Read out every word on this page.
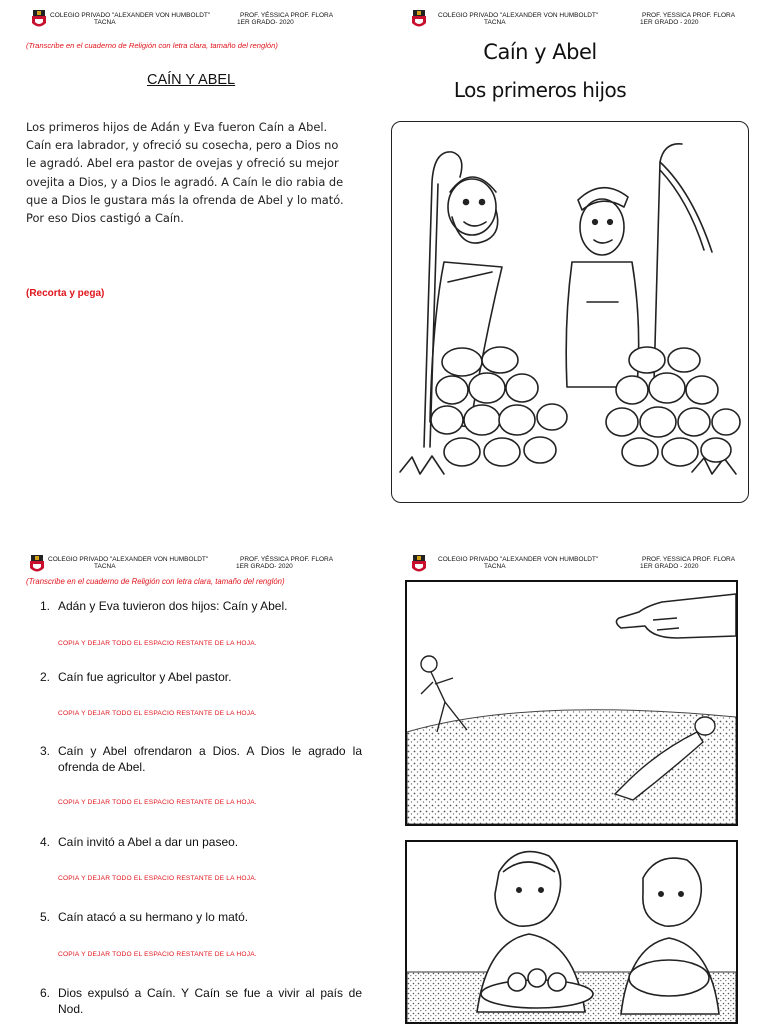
COLEGIO PRIVADO "ALEXANDER VON HUMBOLDT"
TACNA
PROF. YÉSSICA PROF. FLORA
1ER GRADO- 2020
COLEGIO PRIVADO "ALEXANDER VON HUMBOLDT"
TACNA
PROF. YESSICA PROF. FLORA
1ER GRADO - 2020
COLEGIO PRIVADO "ALEXANDER VON HUMBOLDT"
TACNA
PROF. YÉSSICA PROF. FLORA
1ER GRADO- 2020
COLEGIO PRIVADO "ALEXANDER VON HUMBOLDT"
TACNA
PROF. YESSICA PROF. FLORA
1ER GRADO - 2020
(Transcribe en el cuaderno de Religión con letra clara, tamaño del renglón)
CAÍN Y ABEL
Los primeros hijos de Adán y Eva fueron Caín a Abel.
Caín era labrador, y ofreció su cosecha, pero a Dios no
le agradó. Abel era pastor de ovejas y ofreció su mejor
ovejita a Dios, y a Dios le agradó. A Caín le dio rabia de
que a Dios le gustara más la ofrenda de Abel y lo mató.
Por eso Dios castigó a Caín.
(Recorta y pega)
Caín y Abel
Los primeros hijos
(Transcribe en el cuaderno de Religión con letra clara, tamaño del renglón)
1. Adán y Eva tuvieron dos hijos: Caín y Abel.
2. Caín fue agricultor y Abel pastor.
3. Caín y Abel ofrendaron a Dios. A Dios le agrado la ofrenda de Abel.
4. Caín invitó a Abel a dar un paseo.
5. Caín atacó a su hermano y lo mató.
6. Dios expulsó a Caín. Y Caín se fue a vivir al país de Nod.
COPIA Y DEJAR TODO EL ESPACIO RESTANTE DE LA HOJA.
COPIA Y DEJAR TODO EL ESPACIO RESTANTE DE LA HOJA.
COPIA Y DEJAR TODO EL ESPACIO RESTANTE DE LA HOJA.
COPIA Y DEJAR TODO EL ESPACIO RESTANTE DE LA HOJA.
COPIA Y DEJAR TODO EL ESPACIO RESTANTE DE LA HOJA.
